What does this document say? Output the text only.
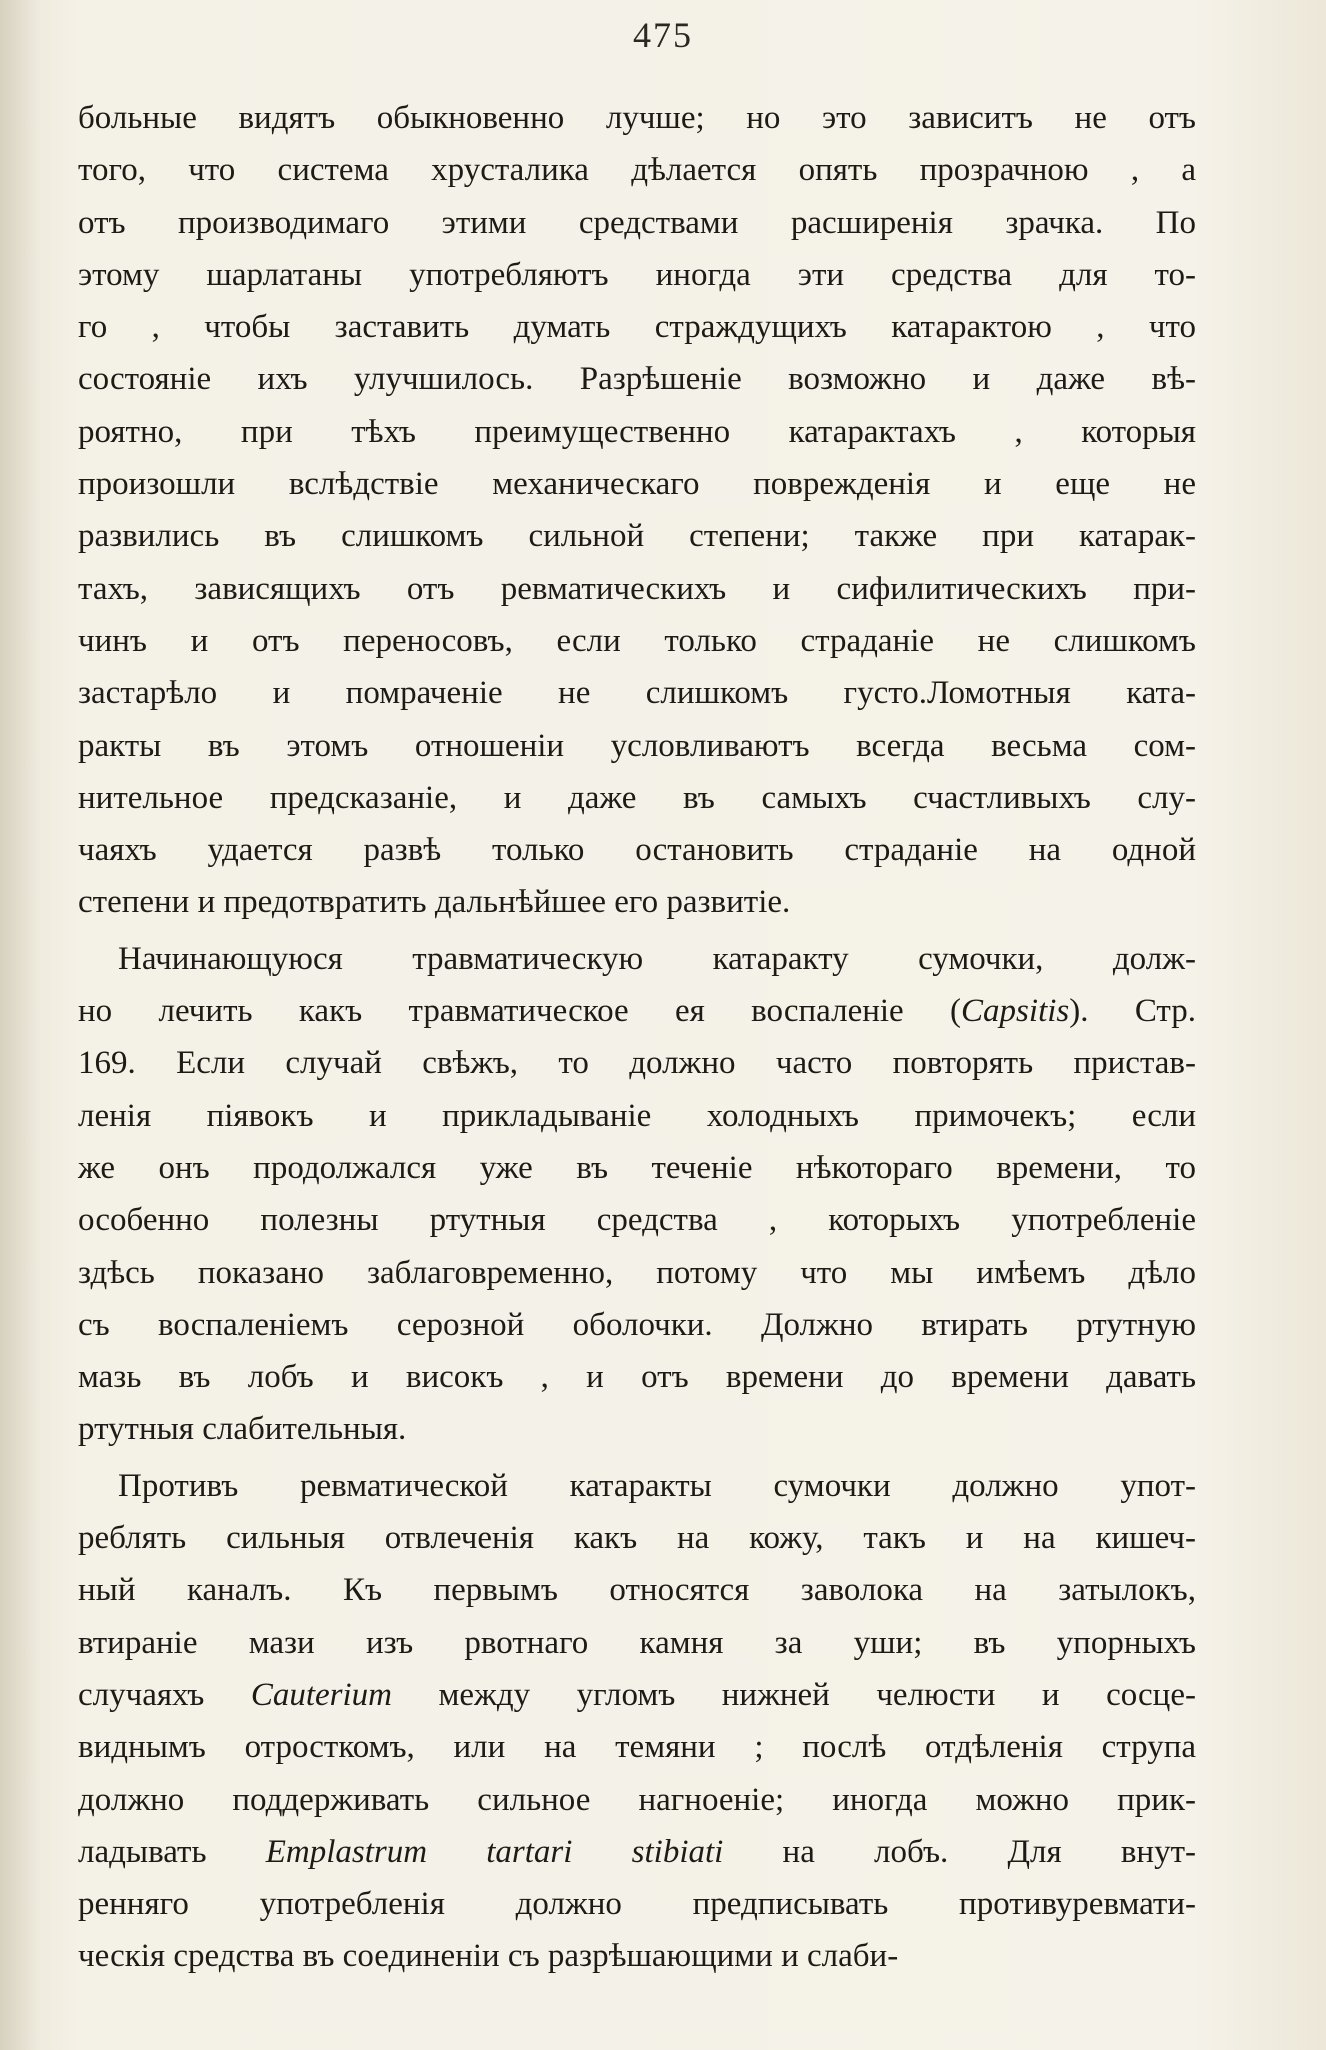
475
больные видятъ обыкновенно лучше; но это зависитъ не отъ
того, что система хрусталика дѣлается опять прозрачною , а
отъ производимаго этими средствами расширенія зрачка. По
этому шарлатаны употребляютъ иногда эти средства для то-
го , чтобы заставить думать страждущихъ катарактою , что
состояніе ихъ улучшилось. Разрѣшеніе возможно и даже вѣ-
роятно, при тѣхъ преимущественно катарактахъ , которыя
произошли вслѣдствіе механическаго поврежденія и еще не
развились въ слишкомъ сильной степени; также при катарак-
тахъ, зависящихъ отъ ревматическихъ и сифилитическихъ при-
чинъ и отъ переносовъ, если только страданіе не слишкомъ
застарѣло и помраченіе не слишкомъ густо.Ломотныя ката-
ракты въ этомъ отношеніи условливаютъ всегда весьма сом-
нительное предсказаніе, и даже въ самыхъ счастливыхъ слу-
чаяхъ удается развѣ только остановить страданіе на одной
степени и предотвратить дальнѣйшее его развитіе.
Начинающуюся травматическую катаракту сумочки, долж-
но лечить какъ травматическое ея воспаленіе (Capsitis). Стр.
169. Если случай свѣжъ, то должно часто повторять пристав-
ленія піявокъ и прикладываніе холодныхъ примочекъ; если
же онъ продолжался уже въ теченіе нѣкотораго времени, то
особенно полезны ртутныя средства , которыхъ употребленіе
здѣсь показано заблаговременно, потому что мы имѣемъ дѣло
съ воспаленіемъ серозной оболочки. Должно втирать ртутную
мазь въ лобъ и високъ , и отъ времени до времени давать
ртутныя слабительныя.
Противъ ревматической катаракты сумочки должно упот-
реблять сильныя отвлеченія какъ на кожу, такъ и на кишеч-
ный каналъ. Къ первымъ относятся заволока на затылокъ,
втираніе мази изъ рвотнаго камня за уши; въ упорныхъ
случаяхъ Cauterium между угломъ нижней челюсти и сосце-
виднымъ отросткомъ, или на темяни ; послѣ отдѣленія струпа
должно поддерживать сильное нагноеніе; иногда можно прик-
ладывать Emplastrum tartari stibiati на лобъ. Для внут-
ренняго употребленія должно предписывать противуревмати-
ческія средства въ соединеніи съ разрѣшающими и слаби-
